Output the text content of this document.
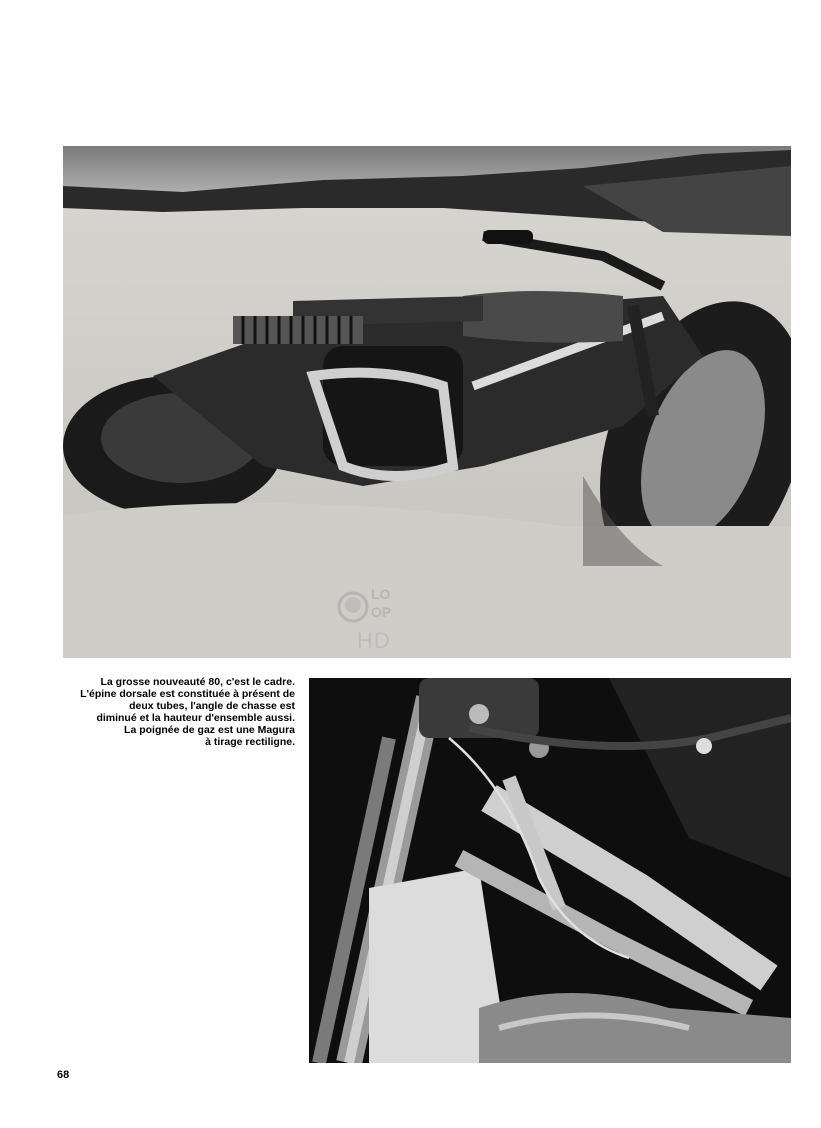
LO
OP
HD
La grosse nouveauté 80, c'est le cadre.
L'épine dorsale est constituée à présent de
deux tubes, l'angle de chasse est
diminué et la hauteur d'ensemble aussi.
La poignée de gaz est une Magura
à tirage rectiligne.
68
